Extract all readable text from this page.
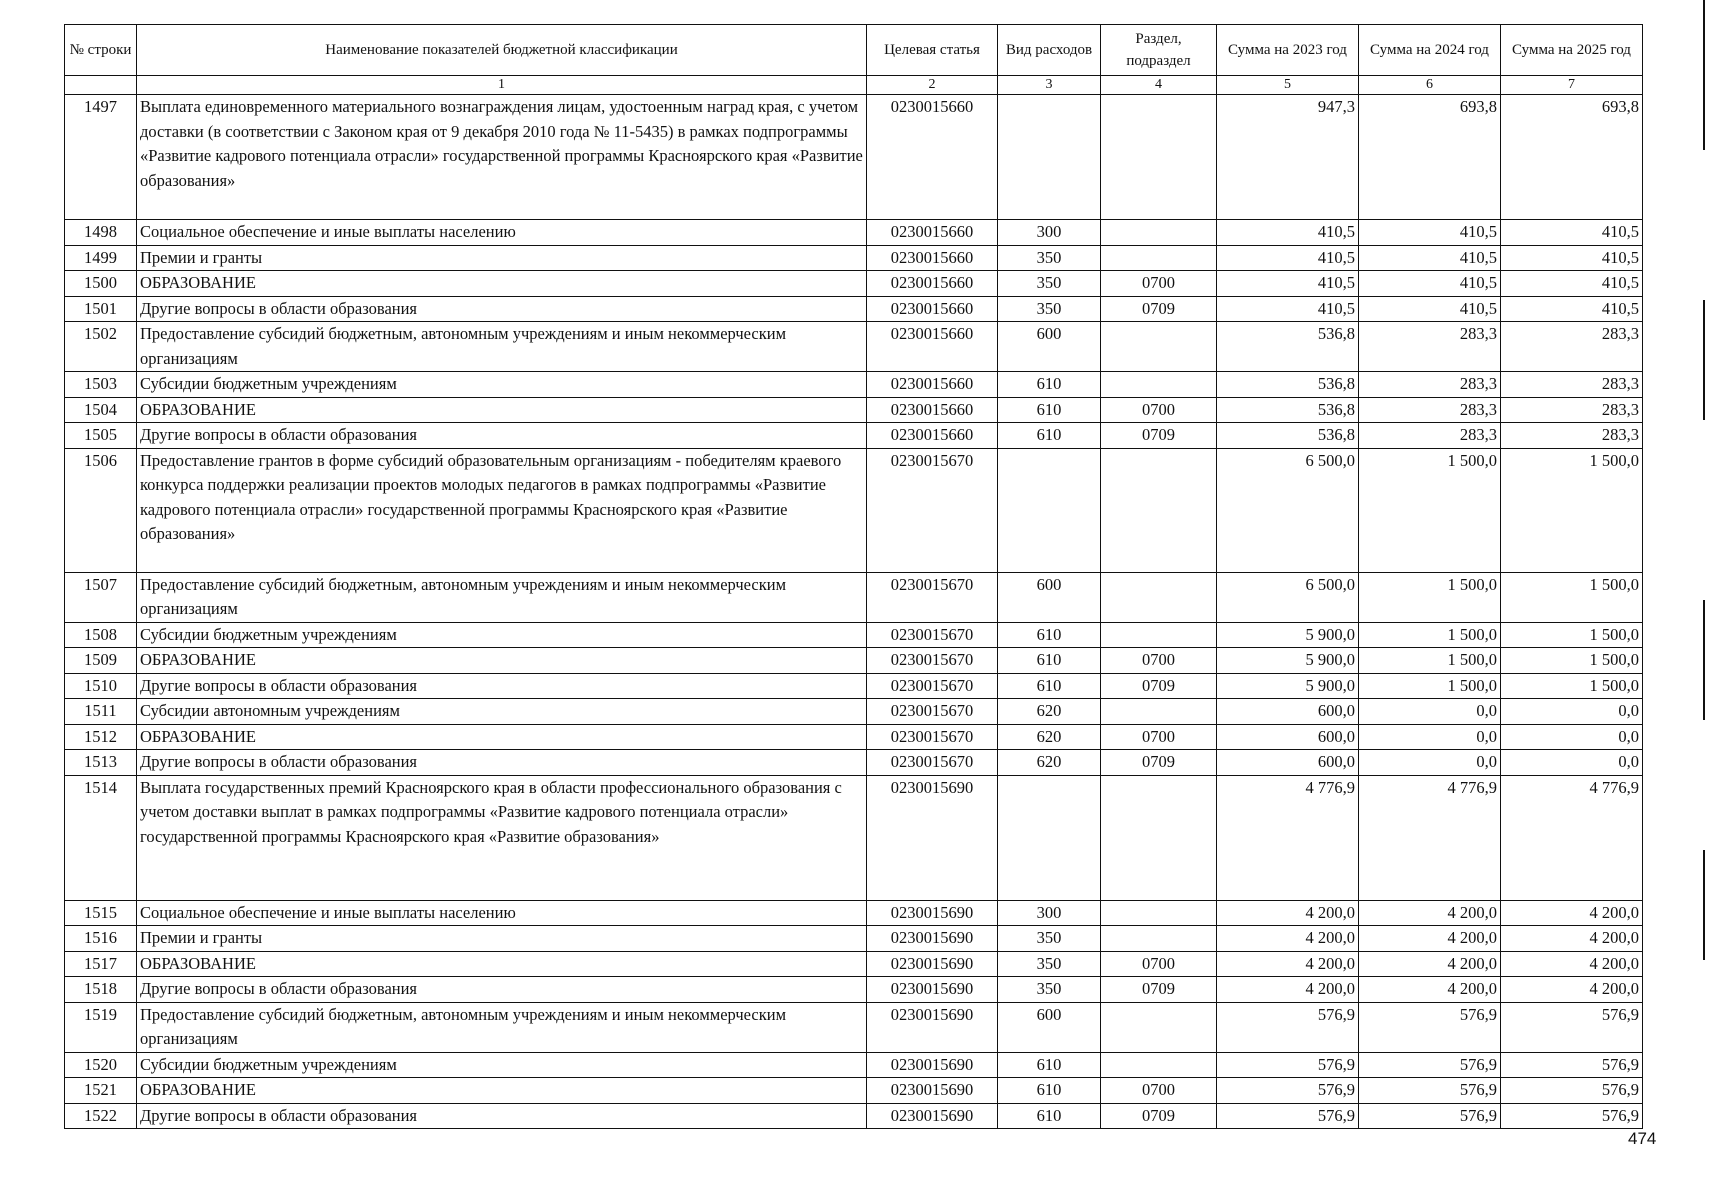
№ строки	Наименование показателей бюджетной классификации	Целевая статья	Вид расходов	Раздел, подраздел	Сумма на 2023 год	Сумма на 2024 год	Сумма на 2025 год
	1	2	3	4	5	6	7
1497	Выплата единовременного материального вознаграждения лицам, удостоенным наград края, с учетом доставки (в соответствии с Законом края от 9 декабря 2010 года № 11-5435) в рамках подпрограммы «Развитие кадрового потенциала отрасли» государственной программы Красноярского края «Развитие образования»	0230015660			947,3	693,8	693,8
1498	Социальное обеспечение и иные выплаты населению	0230015660	300		410,5	410,5	410,5
1499	Премии и гранты	0230015660	350		410,5	410,5	410,5
1500	ОБРАЗОВАНИЕ	0230015660	350	0700	410,5	410,5	410,5
1501	Другие вопросы в области образования	0230015660	350	0709	410,5	410,5	410,5
1502	Предоставление субсидий бюджетным, автономным учреждениям и иным некоммерческим организациям	0230015660	600		536,8	283,3	283,3
1503	Субсидии бюджетным учреждениям	0230015660	610		536,8	283,3	283,3
1504	ОБРАЗОВАНИЕ	0230015660	610	0700	536,8	283,3	283,3
1505	Другие вопросы в области образования	0230015660	610	0709	536,8	283,3	283,3
1506	Предоставление грантов в форме субсидий образовательным организациям - победителям краевого конкурса поддержки реализации проектов молодых педагогов в рамках подпрограммы «Развитие кадрового потенциала отрасли» государственной программы Красноярского края «Развитие образования»	0230015670			6 500,0	1 500,0	1 500,0
1507	Предоставление субсидий бюджетным, автономным учреждениям и иным некоммерческим организациям	0230015670	600		6 500,0	1 500,0	1 500,0
1508	Субсидии бюджетным учреждениям	0230015670	610		5 900,0	1 500,0	1 500,0
1509	ОБРАЗОВАНИЕ	0230015670	610	0700	5 900,0	1 500,0	1 500,0
1510	Другие вопросы в области образования	0230015670	610	0709	5 900,0	1 500,0	1 500,0
1511	Субсидии автономным учреждениям	0230015670	620		600,0	0,0	0,0
1512	ОБРАЗОВАНИЕ	0230015670	620	0700	600,0	0,0	0,0
1513	Другие вопросы в области образования	0230015670	620	0709	600,0	0,0	0,0
1514	Выплата государственных премий Красноярского края в области профессионального образования с учетом доставки выплат в рамках подпрограммы «Развитие кадрового потенциала отрасли» государственной программы Красноярского края «Развитие образования»	0230015690			4 776,9	4 776,9	4 776,9
1515	Социальное обеспечение и иные выплаты населению	0230015690	300		4 200,0	4 200,0	4 200,0
1516	Премии и гранты	0230015690	350		4 200,0	4 200,0	4 200,0
1517	ОБРАЗОВАНИЕ	0230015690	350	0700	4 200,0	4 200,0	4 200,0
1518	Другие вопросы в области образования	0230015690	350	0709	4 200,0	4 200,0	4 200,0
1519	Предоставление субсидий бюджетным, автономным учреждениям и иным некоммерческим организациям	0230015690	600		576,9	576,9	576,9
1520	Субсидии бюджетным учреждениям	0230015690	610		576,9	576,9	576,9
1521	ОБРАЗОВАНИЕ	0230015690	610	0700	576,9	576,9	576,9
1522	Другие вопросы в области образования	0230015690	610	0709	576,9	576,9	576,9
474
